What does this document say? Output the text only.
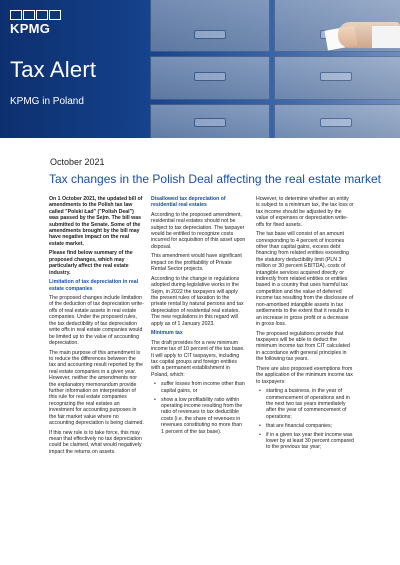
KPMG
Tax Alert
KPMG in Poland
October 2021
Tax changes in the Polish Deal affecting the real estate market

On 1 October 2021, the updated bill of amendments to the Polish tax law called "Polski Ład" ("Polish Deal") was passed by the Sejm. The bill was submitted to the Senate. Some of the amendments brought by the bill may have negative impact on the real estate market.

Please find below summary of the proposed changes, which may particularly affect the real estate industry.

Limitation of tax depreciation in real estate companies

The proposed changes include limitation of the deduction of tax depreciation write-offs of real estate assets in real estate companies. Under the proposed rules, the tax deductibility of tax depreciation write offs in real estate companies would be limited up to the value of accounting depreciation.

The main purpose of this amendment is to reduce the differences between the tax and accounting result reported by the real estate companies in a given year. However, neither the amendments nor the explanatory memorandum provide further information on interpretation of this rule for real estate companies recognizing the real estates an investment for accounting purposes in the fair market value where no accounting depreciation is being claimed.

If this new rule is to take force, this may mean that effectively no tax depreciation could be claimed, what would negatively impact the returns on assets.

Disallowed tax depreciation of residential real estates

According to the proposed amendment, residential real estates should not be subject to tax depreciation. The taxpayer would be entitled to recognize costs incurred for acquisition of this asset upon disposal.

This amendment would have significant impact on the profitability of Private Rental Sector projects.

According to the change in regulations adopted during legislative works in the Sejm, in 2022 the taxpayers will apply the present rules of taxation to the private rental by natural persons and tax depreciation of residential real estates. The new regulations in this regard will apply as of 1 January 2023.

Minimum tax

The draft provides for a new minimum income tax of 10 percent of the tax base. It will apply to CIT taxpayers, including tax capital groups and foreign entities with a permanent establishment in Poland, which:

• suffer losses from income other than capital gains, or
• show a low profitability ratio within operating income resulting from the ratio of revenues to tax deductible costs (i.e. the share of revenues in revenues constituting no more than 1 percent of the tax base).

However, to determine whether an entity is subject to a minimum tax, the tax loss or tax income should be adjusted by the value of expenses or depreciation write-offs for fixed assets.

The tax base will consist of an amount corresponding to 4 percent of incomes other than capital gains, excess debt financing from related entities exceeding the statutory deductibility limit (PLN 3 million or 30 percent EBITDA), costs of intangible services acquired directly or indirectly from related entities or entities based in a country that uses harmful tax competition and the value of deferred income tax resulting from the disclosure of non-amortised intangible assets in tax settlements to the extent that it results in an increase in gross profit or a decrease in gross loss.

The proposed regulations provide that taxpayers will be able to deduct the minimum income tax from CIT calculated in accordance with general principles in the following tax years.

There are also proposed exemptions from the application of the minimum income tax to taxpayers:

• starting a business, in the year of commencement of operations and in the next two tax years immediately after the year of commencement of operations;
• that are financial companies;
• if in a given tax year their income was lower by at least 30 percent compared to the previous tax year;
